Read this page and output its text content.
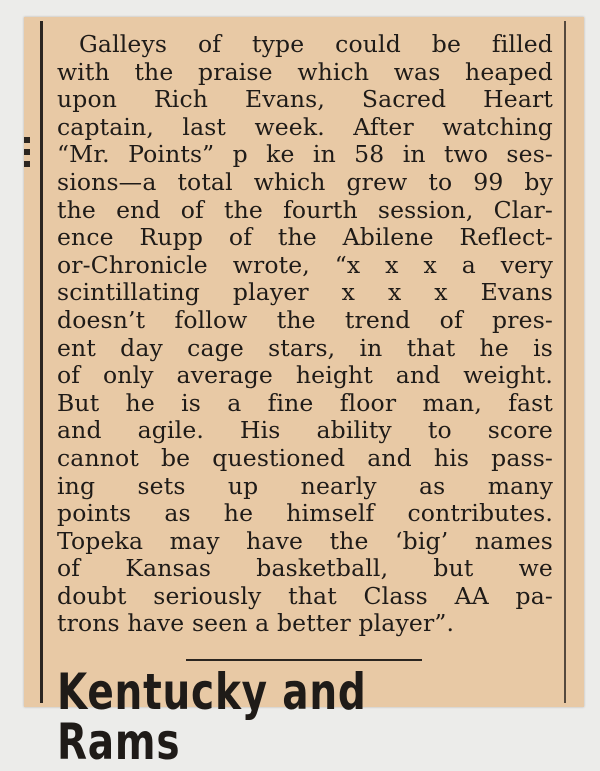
Galleys of type could be filled
with the praise which was heaped
upon Rich Evans, Sacred Heart
captain, last week. After watching
“Mr. Points” p ke in 58 in two ses-
sions—a total which grew to 99 by
the end of the fourth session, Clar-
ence Rupp of the Abilene Reflect-
or-Chronicle wrote, “x x x a very
scintillating player x x x Evans
doesn’t follow the trend of pres-
ent day cage stars, in that he is
of only average height and weight.
But he is a fine floor man, fast
and agile. His ability to score
cannot be questioned and his pass-
ing sets up nearly as many
points as he himself contributes.
Topeka may have the ‘big’ names
of Kansas basketball, but we
doubt seriously that Class AA pa-
trons have seen a better player”.
Kentucky and Rams
